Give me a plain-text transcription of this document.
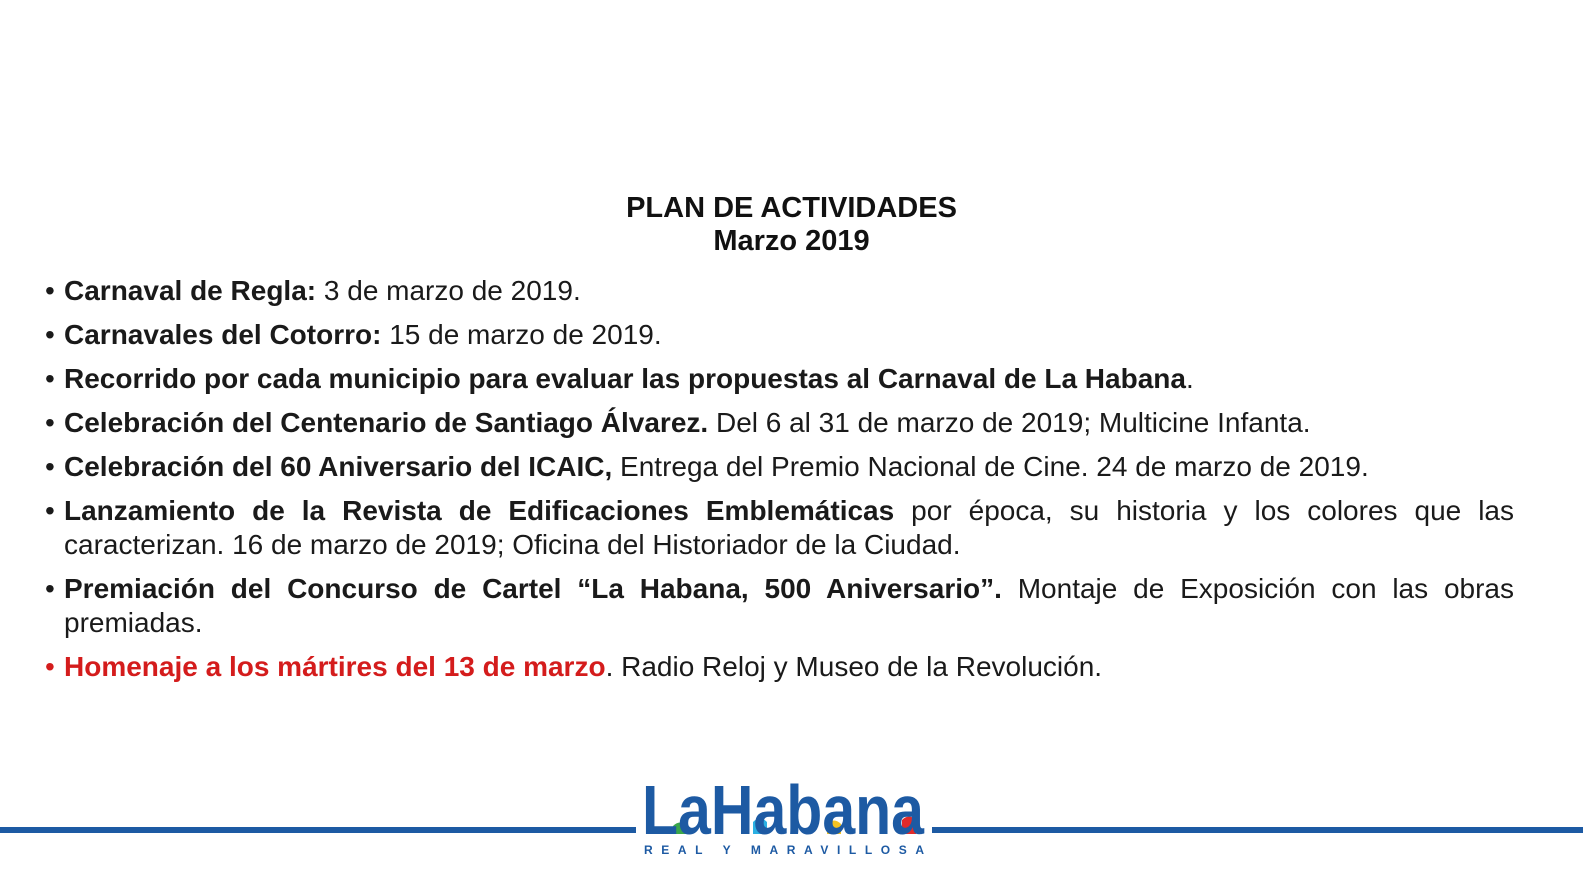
PLAN DE ACTIVIDADES
Marzo 2019
• Carnaval de Regla: 3 de marzo de 2019.
• Carnavales del Cotorro: 15 de marzo de 2019.
• Recorrido por cada municipio para evaluar las propuestas al Carnaval de La Habana.
• Celebración del Centenario de Santiago Álvarez. Del 6 al 31 de marzo de 2019; Multicine Infanta.
• Celebración del 60 Aniversario del ICAIC, Entrega del Premio Nacional de Cine. 24 de marzo de 2019.
• Lanzamiento de la Revista de Edificaciones Emblemáticas por época, su historia y los colores que las caracterizan. 16 de marzo de 2019; Oficina del Historiador de la Ciudad.
• Premiación del Concurso de Cartel “La Habana, 500 Aniversario”. Montaje de Exposición con las obras premiadas.
• Homenaje a los mártires del 13 de marzo. Radio Reloj y Museo de la Revolución.
LaHabana
REAL Y MARAVILLOSA
